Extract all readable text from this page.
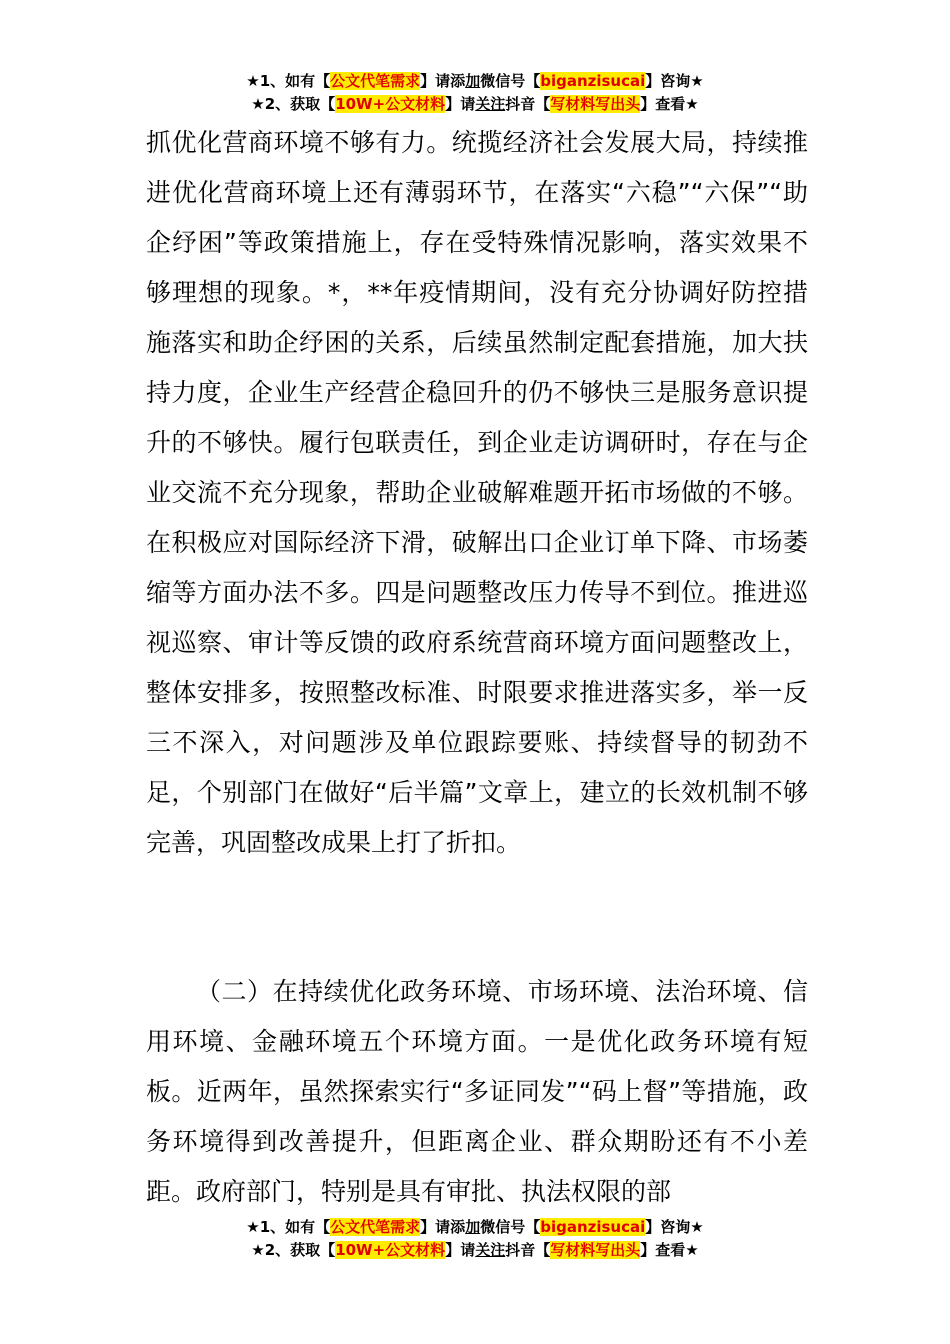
★1、如有【公文代笔需求】请添加微信号【biganzisucai】咨询★
★2、获取【10W+公文材料】请关注抖音【写材料写出头】查看★

抓优化营商环境不够有力。统揽经济社会发展大局，持续推进优化营商环境上还有薄弱环节，在落实“六稳”“六保”“助企纾困”等政策措施上，存在受特殊情况影响，落实效果不够理想的现象。*，**年疫情期间，没有充分协调好防控措施落实和助企纾困的关系，后续虽然制定配套措施，加大扶持力度，企业生产经营企稳回升的仍不够快三是服务意识提升的不够快。履行包联责任，到企业走访调研时，存在与企业交流不充分现象，帮助企业破解难题开拓市场做的不够。在积极应对国际经济下滑，破解出口企业订单下降、市场萎缩等方面办法不多。四是问题整改压力传导不到位。推进巡视巡察、审计等反馈的政府系统营商环境方面问题整改上，整体安排多，按照整改标准、时限要求推进落实多，举一反三不深入，对问题涉及单位跟踪要账、持续督导的韧劲不足，个别部门在做好“后半篇”文章上，建立的长效机制不够完善，巩固整改成果上打了折扣。

（二）在持续优化政务环境、市场环境、法治环境、信用环境、金融环境五个环境方面。一是优化政务环境有短板。近两年，虽然探索实行“多证同发”“码上督”等措施，政务环境得到改善提升，但距离企业、群众期盼还有不小差距。政府部门，特别是具有审批、执法权限的部

★1、如有【公文代笔需求】请添加微信号【biganzisucai】咨询★
★2、获取【10W+公文材料】请关注抖音【写材料写出头】查看★
